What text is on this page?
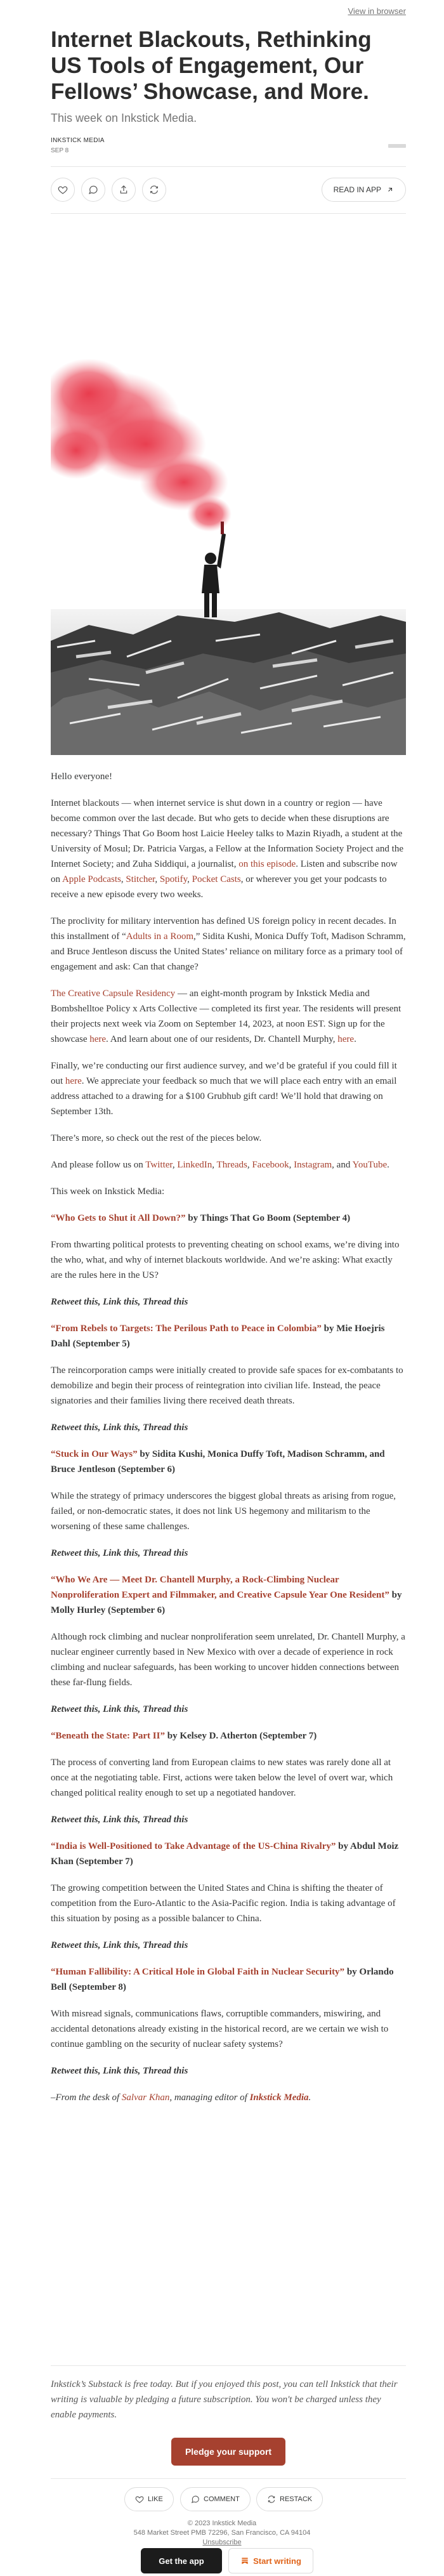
View in browser
Internet Blackouts, Rethinking US Tools of Engagement, Our Fellows’ Showcase, and More.
This week on Inkstick Media.
INKSTICK MEDIA
SEP 8
READ IN APP

Hello everyone!

Internet blackouts — when internet service is shut down in a country or region — have become common over the last decade. But who gets to decide when these disruptions are necessary? Things That Go Boom host Laicie Heeley talks to Mazin Riyadh, a student at the University of Mosul; Dr. Patricia Vargas, a Fellow at the Information Society Project and the Internet Society; and Zuha Siddiqui, a journalist, on this episode. Listen and subscribe now on Apple Podcasts, Stitcher, Spotify, Pocket Casts, or wherever you get your podcasts to receive a new episode every two weeks.

The proclivity for military intervention has defined US foreign policy in recent decades. In this installment of “Adults in a Room,” Sidita Kushi, Monica Duffy Toft, Madison Schramm, and Bruce Jentleson discuss the United States’ reliance on military force as a primary tool of engagement and ask: Can that change?

The Creative Capsule Residency — an eight-month program by Inkstick Media and Bombshelltoe Policy x Arts Collective — completed its first year. The residents will present their projects next week via Zoom on September 14, 2023, at noon EST. Sign up for the showcase here. And learn about one of our residents, Dr. Chantell Murphy, here.

Finally, we’re conducting our first audience survey, and we’d be grateful if you could fill it out here. We appreciate your feedback so much that we will place each entry with an email address attached to a drawing for a $100 Grubhub gift card! We’ll hold that drawing on September 13th.

There’s more, so check out the rest of the pieces below.

And please follow us on Twitter, LinkedIn, Threads, Facebook, Instagram, and YouTube.

This week on Inkstick Media:

“Who Gets to Shut it All Down?” by Things That Go Boom (September 4)

From thwarting political protests to preventing cheating on school exams, we’re diving into the who, what, and why of internet blackouts worldwide. And we’re asking: What exactly are the rules here in the US?

Retweet this, Link this, Thread this

“From Rebels to Targets: The Perilous Path to Peace in Colombia” by Mie Hoejris Dahl (September 5)

The reincorporation camps were initially created to provide safe spaces for ex-combatants to demobilize and begin their process of reintegration into civilian life. Instead, the peace signatories and their families living there received death threats.

Retweet this, Link this, Thread this

“Stuck in Our Ways” by Sidita Kushi, Monica Duffy Toft, Madison Schramm, and Bruce Jentleson (September 6)

While the strategy of primacy underscores the biggest global threats as arising from rogue, failed, or non-democratic states, it does not link US hegemony and militarism to the worsening of these same challenges.

Retweet this, Link this, Thread this

“Who We Are — Meet Dr. Chantell Murphy, a Rock-Climbing Nuclear Nonproliferation Expert and Filmmaker, and Creative Capsule Year One Resident” by Molly Hurley (September 6)

Although rock climbing and nuclear nonproliferation seem unrelated, Dr. Chantell Murphy, a nuclear engineer currently based in New Mexico with over a decade of experience in rock climbing and nuclear safeguards, has been working to uncover hidden connections between these far-flung fields.

Retweet this, Link this, Thread this

“Beneath the State: Part II” by Kelsey D. Atherton (September 7)

The process of converting land from European claims to new states was rarely done all at once at the negotiating table. First, actions were taken below the level of overt war, which changed political reality enough to set up a negotiated handover.

Retweet this, Link this, Thread this

“India is Well-Positioned to Take Advantage of the US-China Rivalry” by Abdul Moiz Khan (September 7)

The growing competition between the United States and China is shifting the theater of competition from the Euro-Atlantic to the Asia-Pacific region. India is taking advantage of this situation by posing as a possible balancer to China.

Retweet this, Link this, Thread this

“Human Fallibility: A Critical Hole in Global Faith in Nuclear Security” by Orlando Bell (September 8)

With misread signals, communications flaws, corruptible commanders, miswiring, and accidental detonations already existing in the historical record, are we certain we wish to continue gambling on the security of nuclear safety systems?

Retweet this, Link this, Thread this

–From the desk of Salvar Khan, managing editor of Inkstick Media.

Inkstick’s Substack is free today. But if you enjoyed this post, you can tell Inkstick that their writing is valuable by pledging a future subscription. You won't be charged unless they enable payments.
Pledge your support
LIKE	COMMENT	RESTACK
© 2023 Inkstick Media
548 Market Street PMB 72296, San Francisco, CA 94104
Unsubscribe
Get the app	Start writing
